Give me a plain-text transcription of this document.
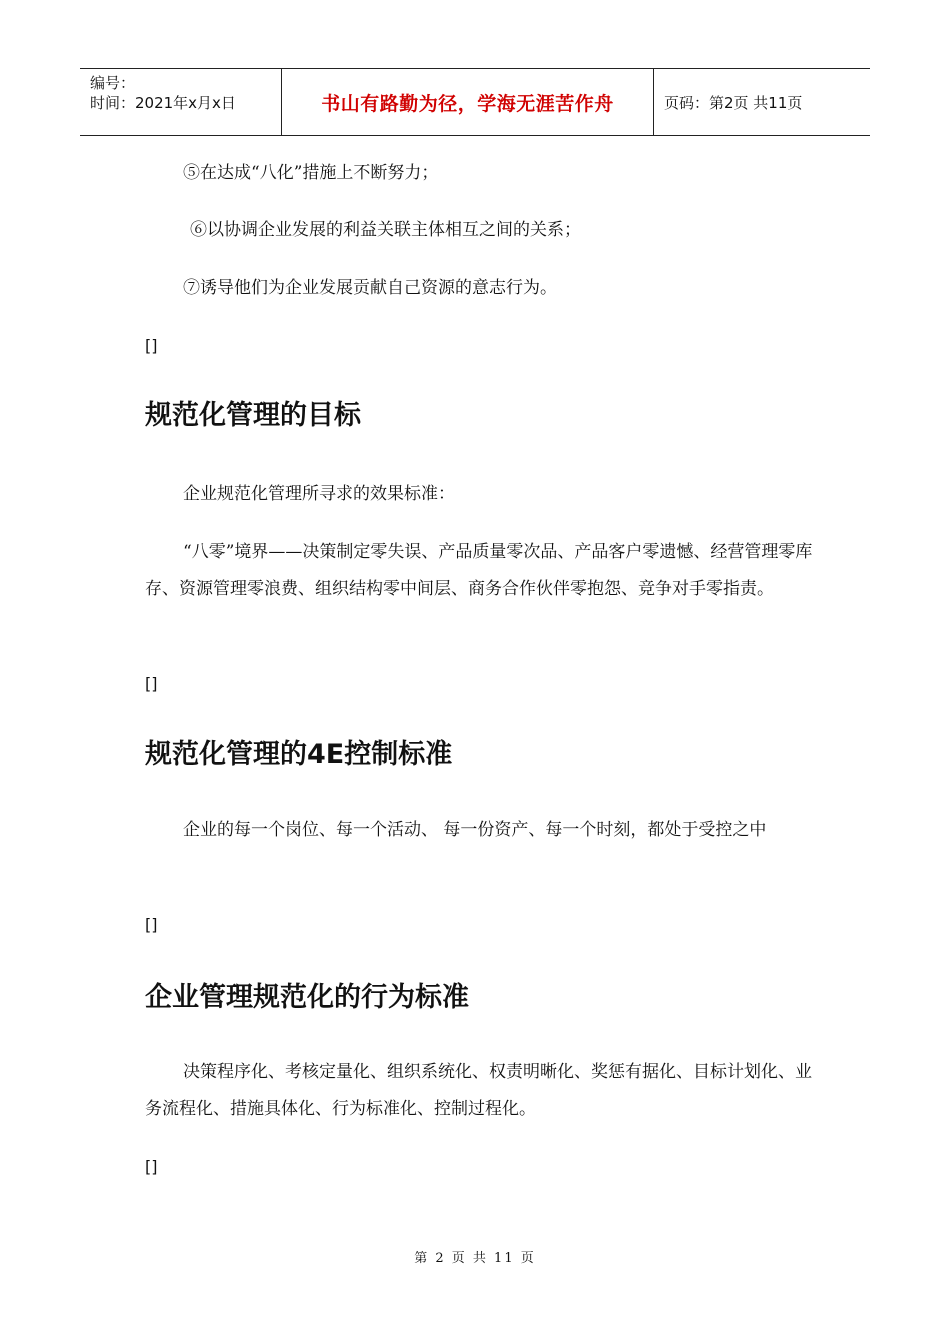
编号：
时间：2021年x月x日	书山有路勤为径，学海无涯苦作舟	页码：第2页 共11页

⑤在达成“八化”措施上不断努力；

⑥以协调企业发展的利益关联主体相互之间的关系；

⑦诱导他们为企业发展贡献自己资源的意志行为。

[]
规范化管理的目标

企业规范化管理所寻求的效果标准：

“八零”境界——决策制定零失误、产品质量零次品、产品客户零遗憾、经营管理零库存、资源管理零浪费、组织结构零中间层、商务合作伙伴零抱怨、竞争对手零指责。

[]
规范化管理的4E控制标准

企业的每一个岗位、每一个活动、 每一份资产、每一个时刻，都处于受控之中

[]
企业管理规范化的行为标准

决策程序化、考核定量化、组织系统化、权责明晰化、奖惩有据化、目标计划化、业务流程化、措施具体化、行为标准化、控制过程化。

[]
第 2 页 共 11 页
